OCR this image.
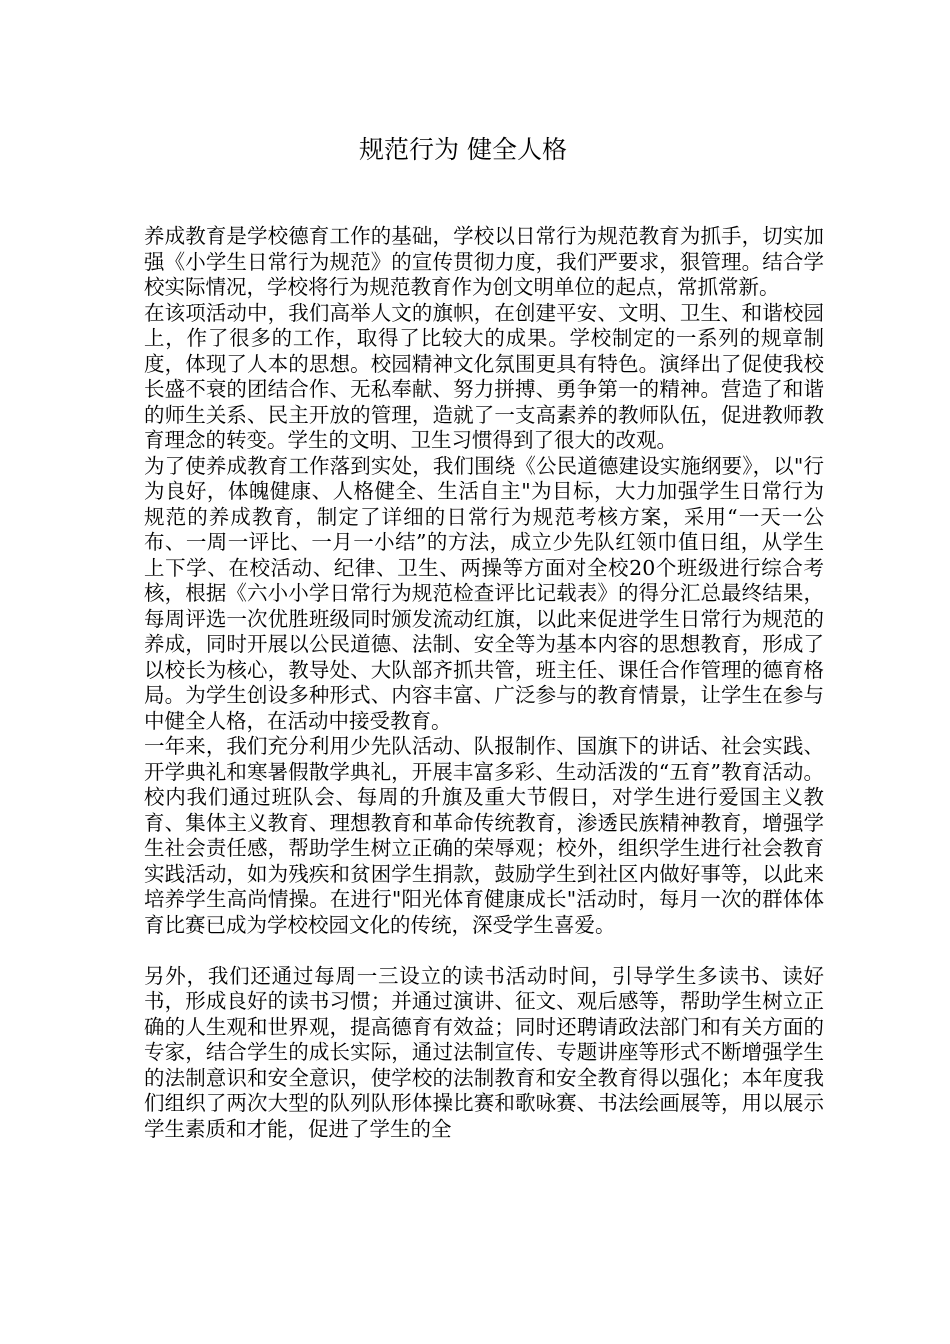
规范行为 健全人格

养成教育是学校德育工作的基础，学校以日常行为规范教育为抓手，切实加强《小学生日常行为规范》的宣传贯彻力度，我们严要求，狠管理。结合学校实际情况，学校将行为规范教育作为创文明单位的起点，常抓常新。

在该项活动中，我们高举人文的旗帜，在创建平安、文明、卫生、和谐校园上，作了很多的工作，取得了比较大的成果。学校制定的一系列的规章制度，体现了人本的思想。校园精神文化氛围更具有特色。演绎出了促使我校长盛不衰的团结合作、无私奉献、努力拼搏、勇争第一的精神。营造了和谐的师生关系、民主开放的管理，造就了一支高素养的教师队伍，促进教师教育理念的转变。学生的文明、卫生习惯得到了很大的改观。

为了使养成教育工作落到实处，我们围绕《公民道德建设实施纲要》，以"行为良好，体魄健康、人格健全、生活自主"为目标，大力加强学生日常行为规范的养成教育，制定了详细的日常行为规范考核方案，采用“一天一公布、一周一评比、一月一小结”的方法，成立少先队红领巾值日组，从学生上下学、在校活动、纪律、卫生、两操等方面对全校20个班级进行综合考核，根据《六小小学日常行为规范检查评比记载表》的得分汇总最终结果，每周评选一次优胜班级同时颁发流动红旗，以此来促进学生日常行为规范的养成，同时开展以公民道德、法制、安全等为基本内容的思想教育，形成了以校长为核心，教导处、大队部齐抓共管，班主任、课任合作管理的德育格局。为学生创设多种形式、内容丰富、广泛参与的教育情景，让学生在参与中健全人格，在活动中接受教育。

一年来，我们充分利用少先队活动、队报制作、国旗下的讲话、社会实践、开学典礼和寒暑假散学典礼，开展丰富多彩、生动活泼的“五育”教育活动。校内我们通过班队会、每周的升旗及重大节假日，对学生进行爱国主义教育、集体主义教育、理想教育和革命传统教育，渗透民族精神教育，增强学生社会责任感，帮助学生树立正确的荣辱观；校外，组织学生进行社会教育实践活动，如为残疾和贫困学生捐款，鼓励学生到社区内做好事等，以此来培养学生高尚情操。在进行"阳光体育健康成长"活动时，每月一次的群体体育比赛已成为学校校园文化的传统，深受学生喜爱。

另外，我们还通过每周一三设立的读书活动时间，引导学生多读书、读好书，形成良好的读书习惯；并通过演讲、征文、观后感等，帮助学生树立正确的人生观和世界观，提高德育有效益；同时还聘请政法部门和有关方面的专家，结合学生的成长实际，通过法制宣传、专题讲座等形式不断增强学生的法制意识和安全意识，使学校的法制教育和安全教育得以强化；本年度我们组织了两次大型的队列队形体操比赛和歌咏赛、书法绘画展等，用以展示学生素质和才能，促进了学生的全
